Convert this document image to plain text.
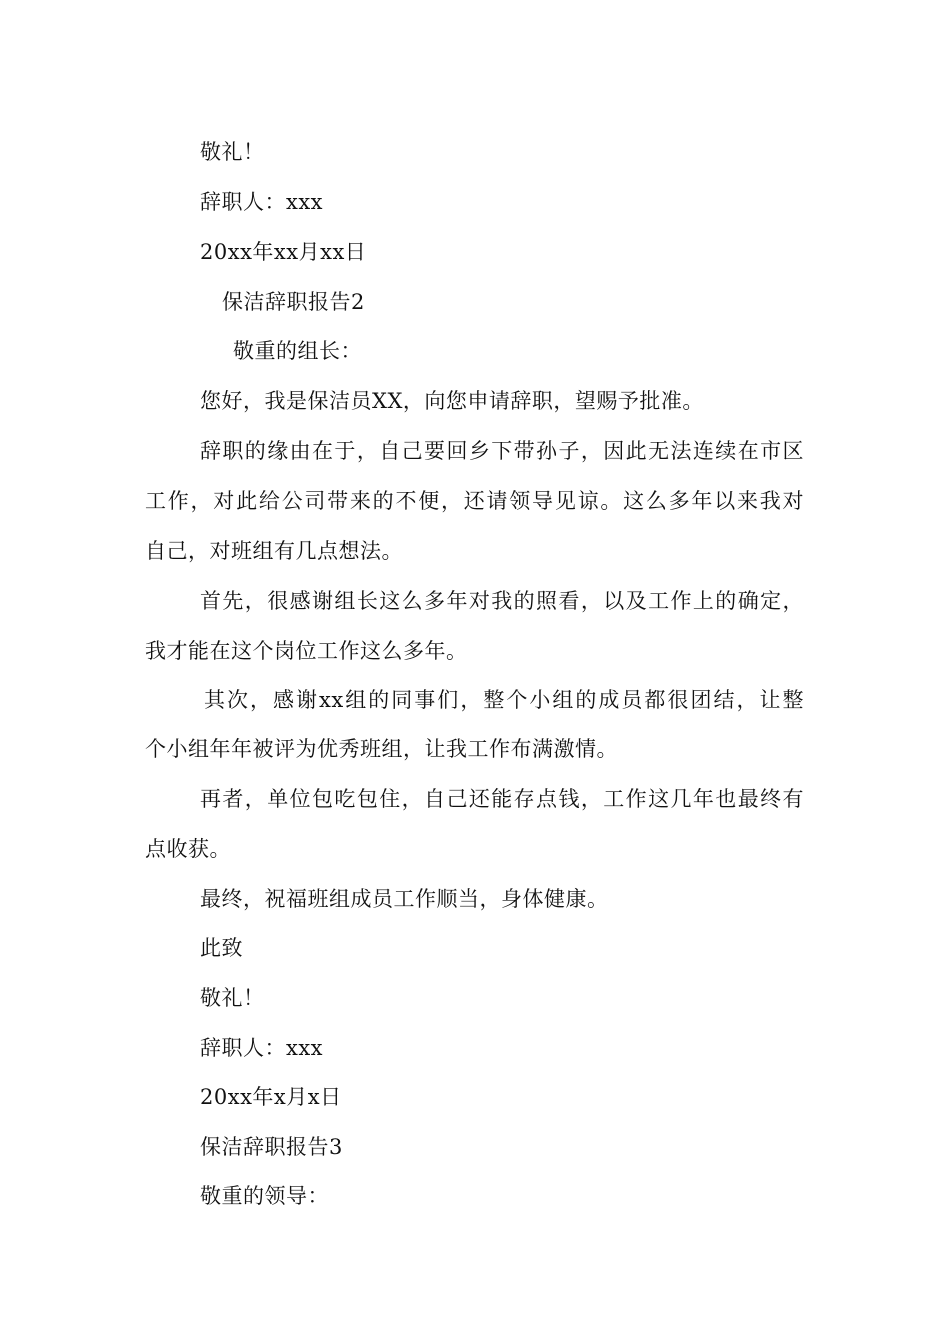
敬礼！
辞职人：xxx
20xx年xx月xx日
保洁辞职报告2
敬重的组长：
您好，我是保洁员XX，向您申请辞职，望赐予批准。
辞职的缘由在于，自己要回乡下带孙子，因此无法连续在市区
工作，对此给公司带来的不便，还请领导见谅。这么多年以来我对
自己，对班组有几点想法。
首先，很感谢组长这么多年对我的照看，以及工作上的确定，
我才能在这个岗位工作这么多年。
其次，感谢xx组的同事们，整个小组的成员都很团结，让整
个小组年年被评为优秀班组，让我工作布满激情。
再者，单位包吃包住，自己还能存点钱，工作这几年也最终有
点收获。
最终，祝福班组成员工作顺当，身体健康。
此致
敬礼！
辞职人：xxx
20xx年x月x日
保洁辞职报告3
敬重的领导：
